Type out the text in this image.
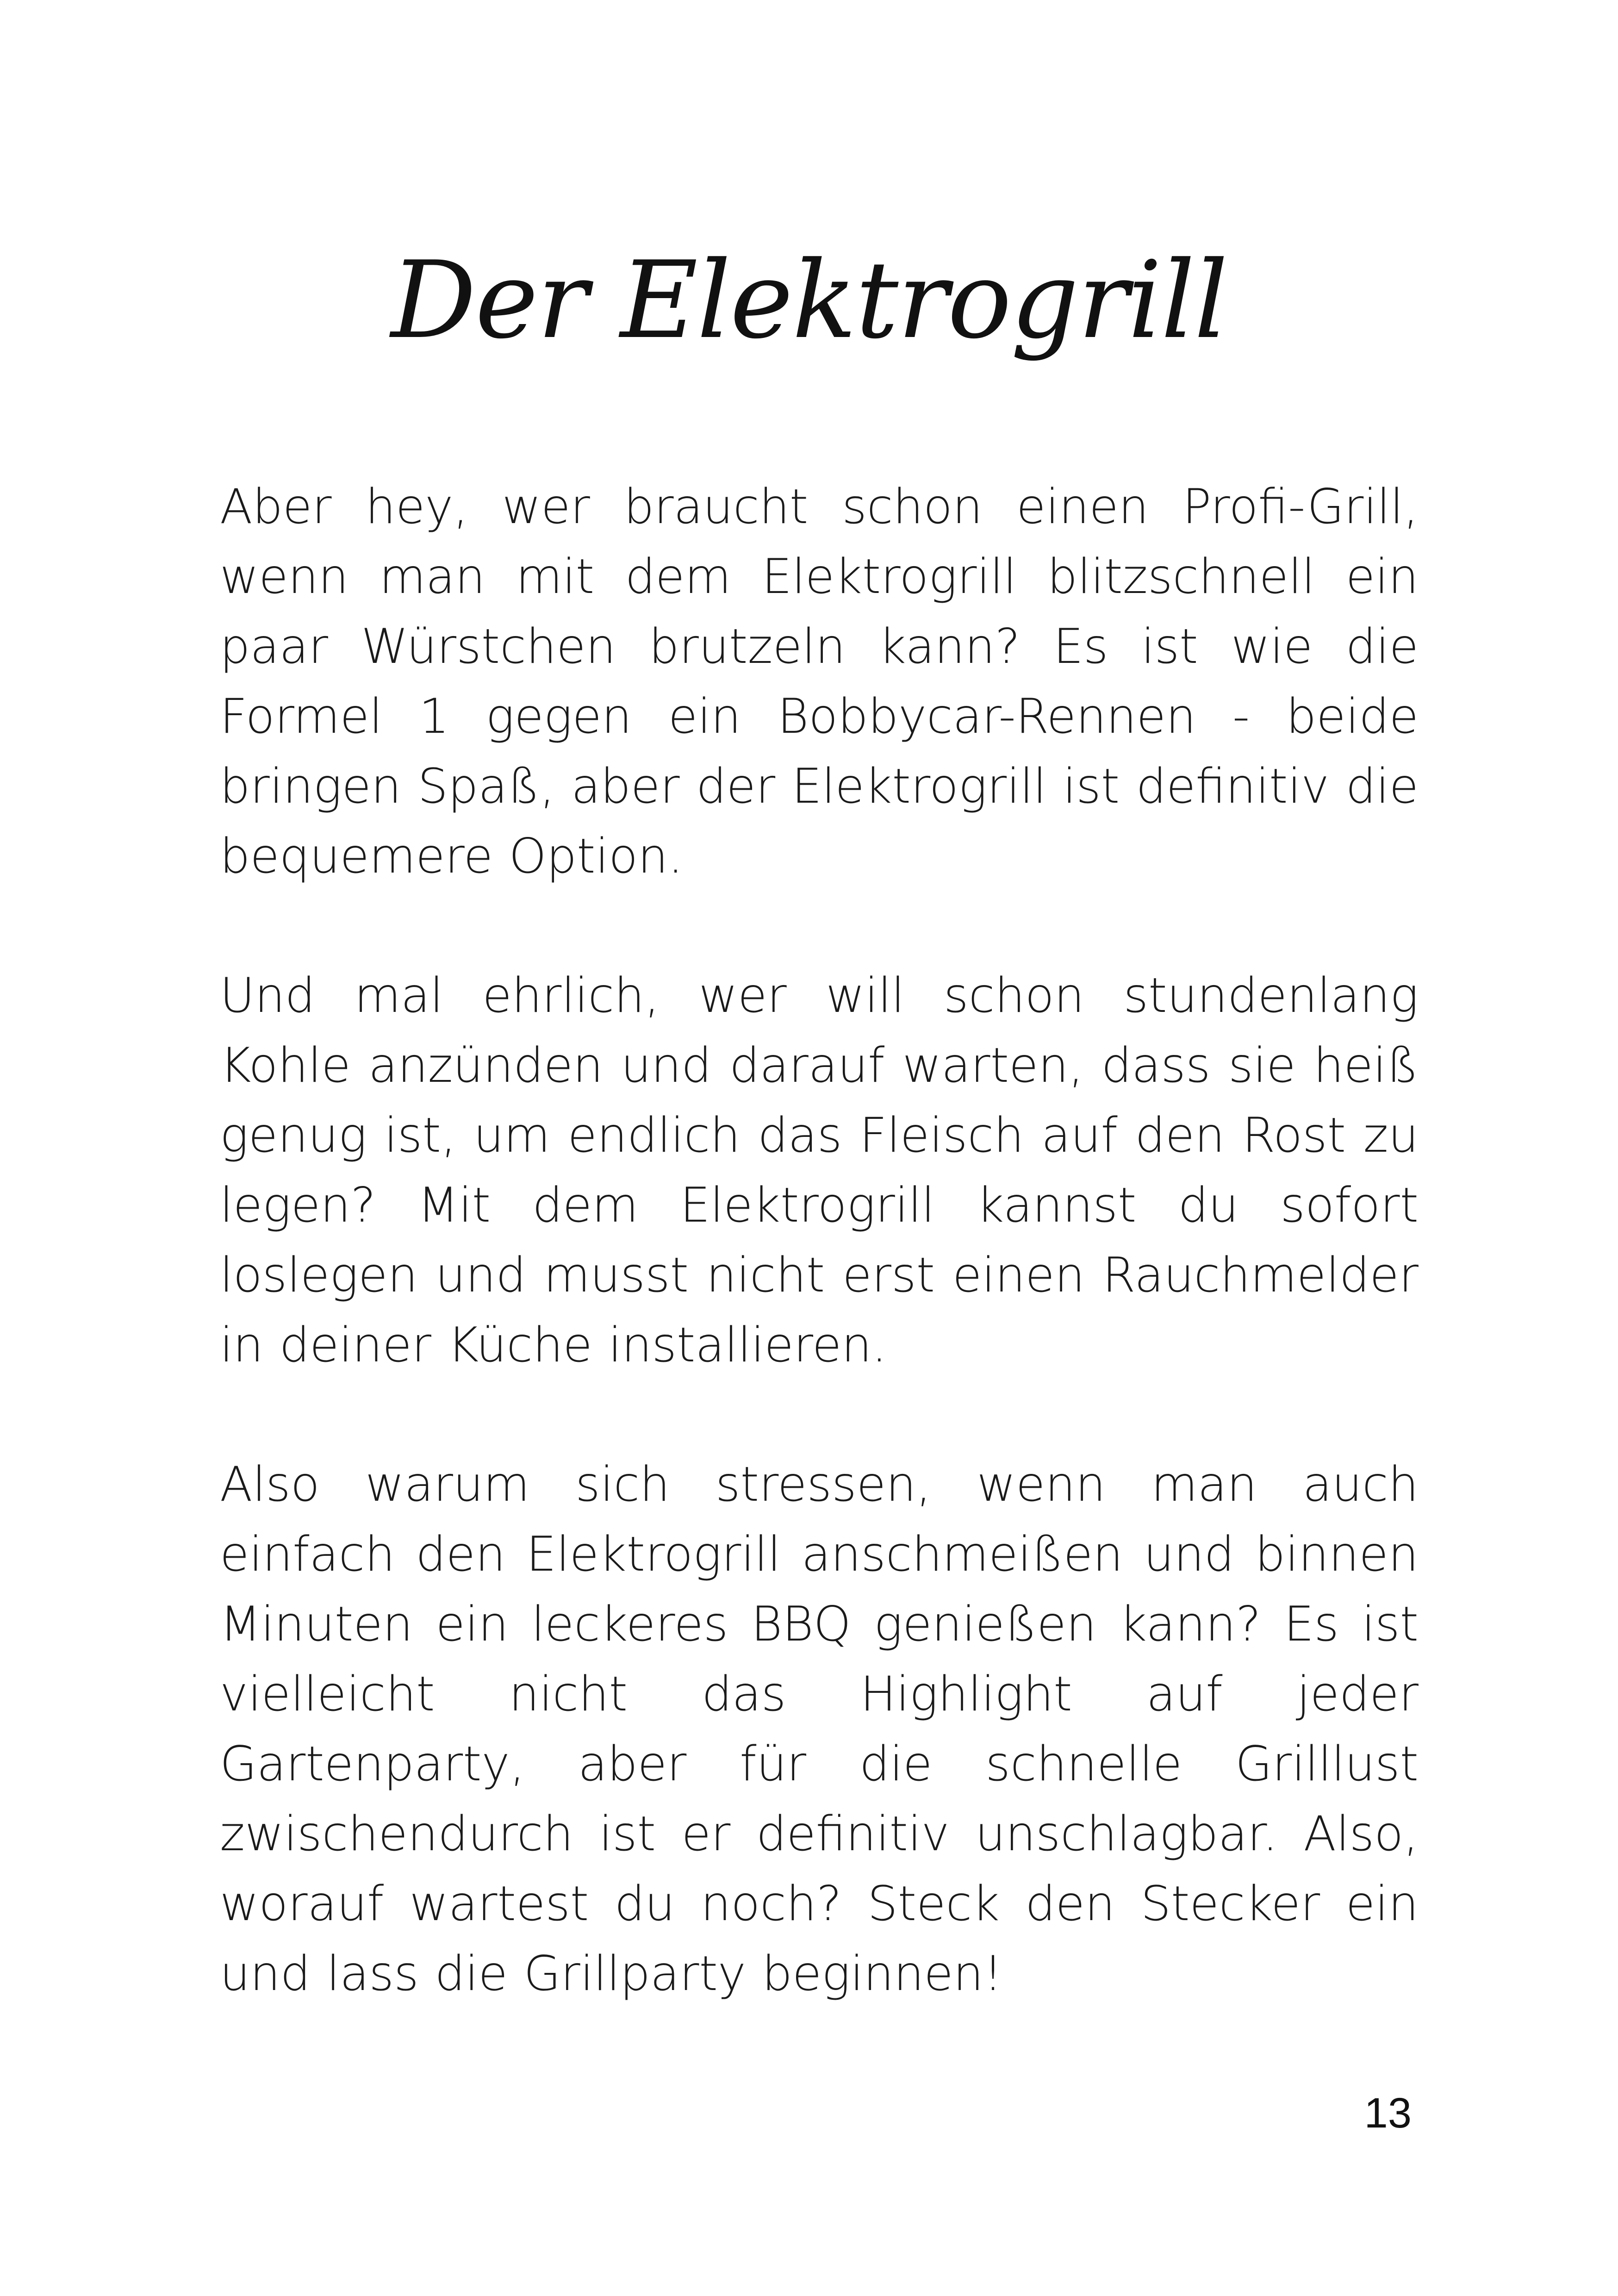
Der Elektrogrill

Aber hey, wer braucht schon einen Profi-Grill, wenn man mit dem Elektrogrill blitzschnell ein paar Würstchen brutzeln kann? Es ist wie die Formel 1 gegen ein Bobbycar-Rennen - beide bringen Spaß, aber der Elektrogrill ist definitiv die bequemere Option.

Und mal ehrlich, wer will schon stundenlang Kohle anzünden und darauf warten, dass sie heiß genug ist, um endlich das Fleisch auf den Rost zu legen? Mit dem Elektrogrill kannst du sofort loslegen und musst nicht erst einen Rauchmelder in deiner Küche installieren.

Also warum sich stressen, wenn man auch einfach den Elektrogrill anschmeißen und binnen Minuten ein leckeres BBQ genießen kann? Es ist vielleicht nicht das Highlight auf jeder Gartenparty, aber für die schnelle Grilllust zwischendurch ist er definitiv unschlagbar. Also, worauf wartest du noch? Steck den Stecker ein und lass die Grillparty beginnen!

13
